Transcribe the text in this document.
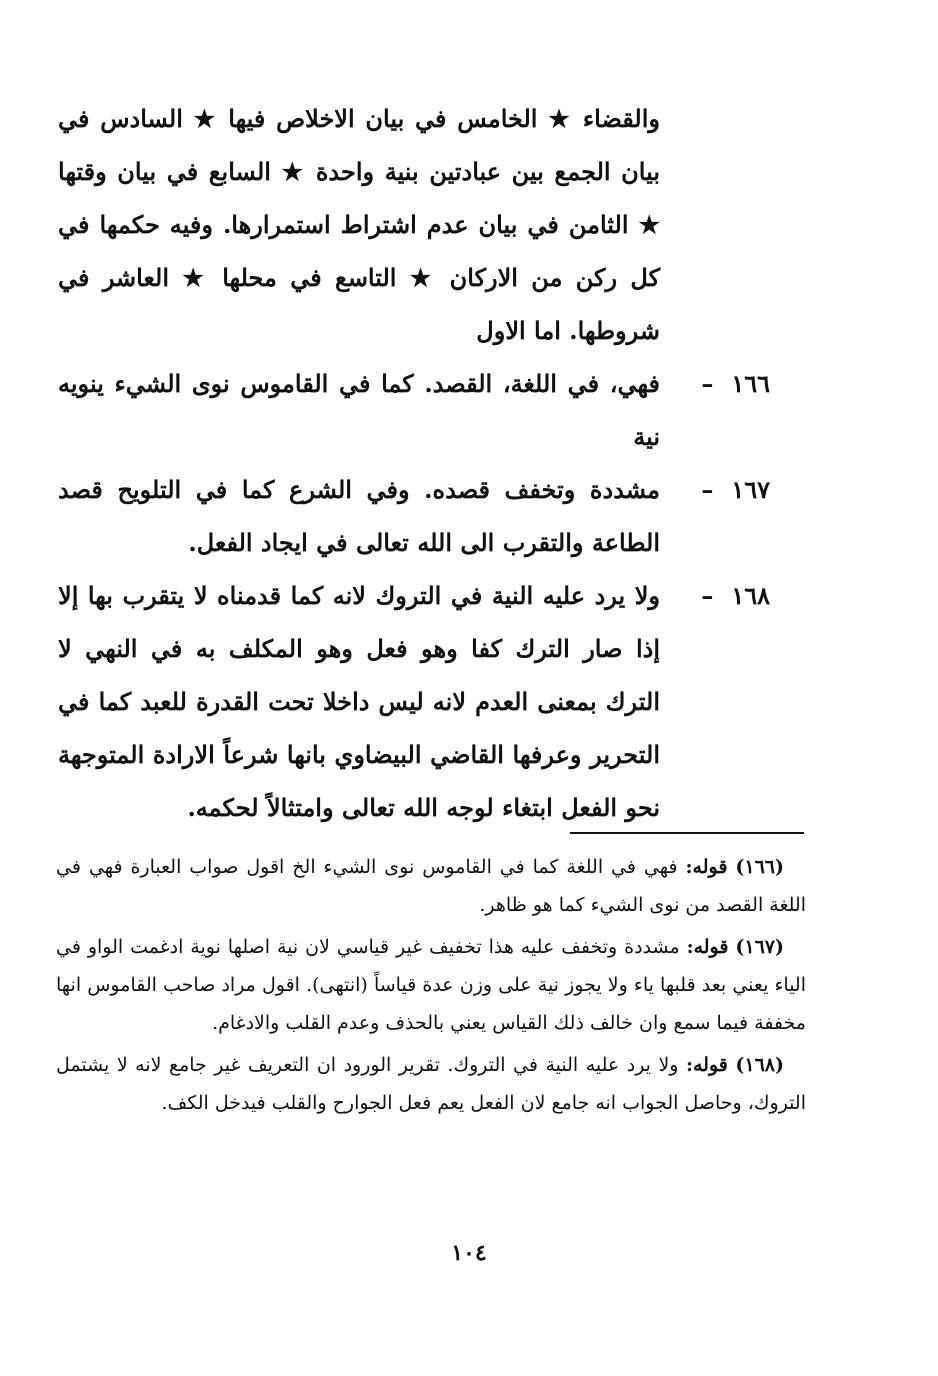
والقضاء ★ الخامس في بيان الاخلاص فيها ★ السادس في بيان الجمع بين عبادتين بنية واحدة ★ السابع في بيان وقتها ★ الثامن في بيان عدم اشتراط استمرارها. وفيه حكمها في كل ركن من الاركان ★ التاسع في محلها ★ العاشر في شروطها. اما الاول
١٦٦–
فهي، في اللغة، القصد. كما في القاموس نوى الشيء ينويه نية
١٦٧–
مشددة وتخفف قصده. وفي الشرع كما في التلويح قصد الطاعة والتقرب الى الله تعالى في ايجاد الفعل.
١٦٨–
ولا يرد عليه النية في التروك لانه كما قدمناه لا يتقرب بها إلا إذا صار الترك كفا وهو فعل وهو المكلف به في النهي لا الترك بمعنى العدم لانه ليس داخلا تحت القدرة للعبد كما في التحرير وعرفها القاضي البيضاوي بانها شرعاً الارادة المتوجهة نحو الفعل ابتغاء لوجه الله تعالى وامتثالاً لحكمه.

(١٦٦) قوله: فهي في اللغة كما في القاموس نوى الشيء الخ اقول صواب العبارة فهي في اللغة القصد من نوى الشيء كما هو ظاهر.

(١٦٧) قوله: مشددة وتخفف عليه هذا تخفيف غير قياسي لان نية اصلها نوية ادغمت الواو في الياء يعني بعد قلبها ياء ولا يجوز نية على وزن عدة قياساً (انتهى). اقول مراد صاحب القاموس انها مخففة فيما سمع وان خالف ذلك القياس يعني بالحذف وعدم القلب والادغام.

(١٦٨) قوله: ولا يرد عليه النية في التروك. تقرير الورود ان التعريف غير جامع لانه لا يشتمل التروك، وحاصل الجواب انه جامع لان الفعل يعم فعل الجوارح والقلب فيدخل الكف.

١٠٤
